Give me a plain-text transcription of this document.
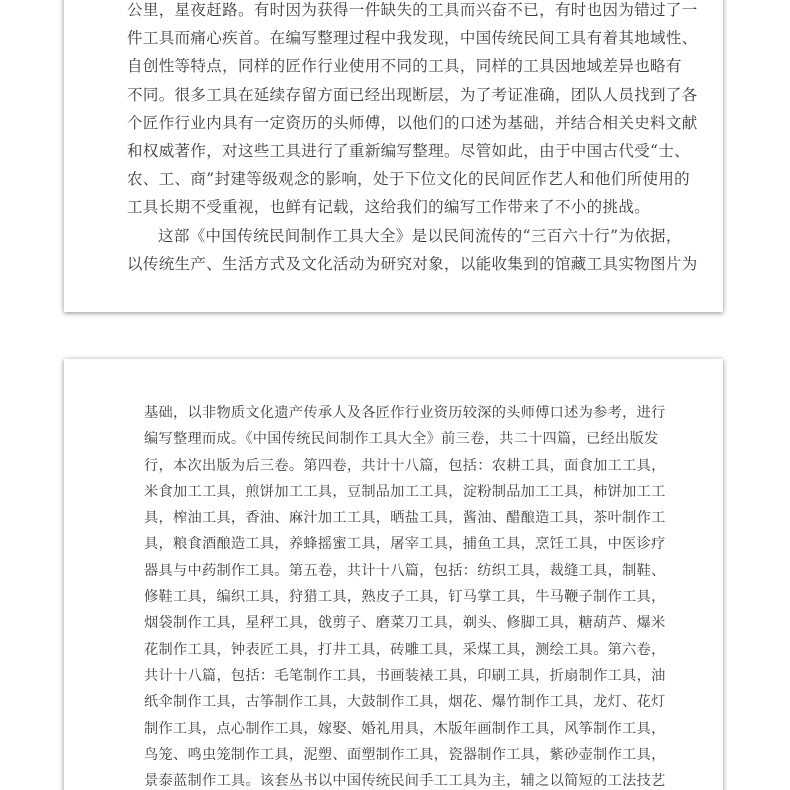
公里，星夜赶路。有时因为获得一件缺失的工具而兴奋不已，有时也因为错过了一
件工具而痛心疾首。在编写整理过程中我发现，中国传统民间工具有着其地域性、
自创性等特点，同样的匠作行业使用不同的工具，同样的工具因地域差异也略有
不同。很多工具在延续存留方面已经出现断层，为了考证准确，团队人员找到了各
个匠作行业内具有一定资历的头师傅，以他们的口述为基础，并结合相关史料文献
和权威著作，对这些工具进行了重新编写整理。尽管如此，由于中国古代受“士、
农、工、商”封建等级观念的影响，处于下位文化的民间匠作艺人和他们所使用的
工具长期不受重视，也鲜有记载，这给我们的编写工作带来了不小的挑战。
这部《中国传统民间制作工具大全》是以民间流传的“三百六十行”为依据，
以传统生产、生活方式及文化活动为研究对象，以能收集到的馆藏工具实物图片为
基础，以非物质文化遗产传承人及各匠作行业资历较深的头师傅口述为参考，进行
编写整理而成。《中国传统民间制作工具大全》前三卷，共二十四篇，已经出版发
行，本次出版为后三卷。第四卷，共计十八篇，包括：农耕工具，面食加工工具，
米食加工工具，煎饼加工工具，豆制品加工工具，淀粉制品加工工具，柿饼加工工
具，榨油工具，香油、麻汁加工工具，晒盐工具，酱油、醋酿造工具，茶叶制作工
具，粮食酒酿造工具，养蜂摇蜜工具，屠宰工具，捕鱼工具，烹饪工具，中医诊疗
器具与中药制作工具。第五卷，共计十八篇，包括：纺织工具，裁缝工具，制鞋、
修鞋工具，编织工具，狩猎工具，熟皮子工具，钉马掌工具，牛马鞭子制作工具，
烟袋制作工具，星秤工具，戗剪子、磨菜刀工具，剃头、修脚工具，糖葫芦、爆米
花制作工具，钟表匠工具，打井工具，砖雕工具，采煤工具，测绘工具。第六卷，
共计十八篇，包括：毛笔制作工具，书画装裱工具，印刷工具，折扇制作工具，油
纸伞制作工具，古筝制作工具，大鼓制作工具，烟花、爆竹制作工具，龙灯、花灯
制作工具，点心制作工具，嫁娶、婚礼用具，木版年画制作工具，风筝制作工具，
鸟笼、鸣虫笼制作工具，泥塑、面塑制作工具，瓷器制作工具，紫砂壶制作工具，
景泰蓝制作工具。该套丛书以中国传统民间手工工具为主，辅之以简短的工法技艺
